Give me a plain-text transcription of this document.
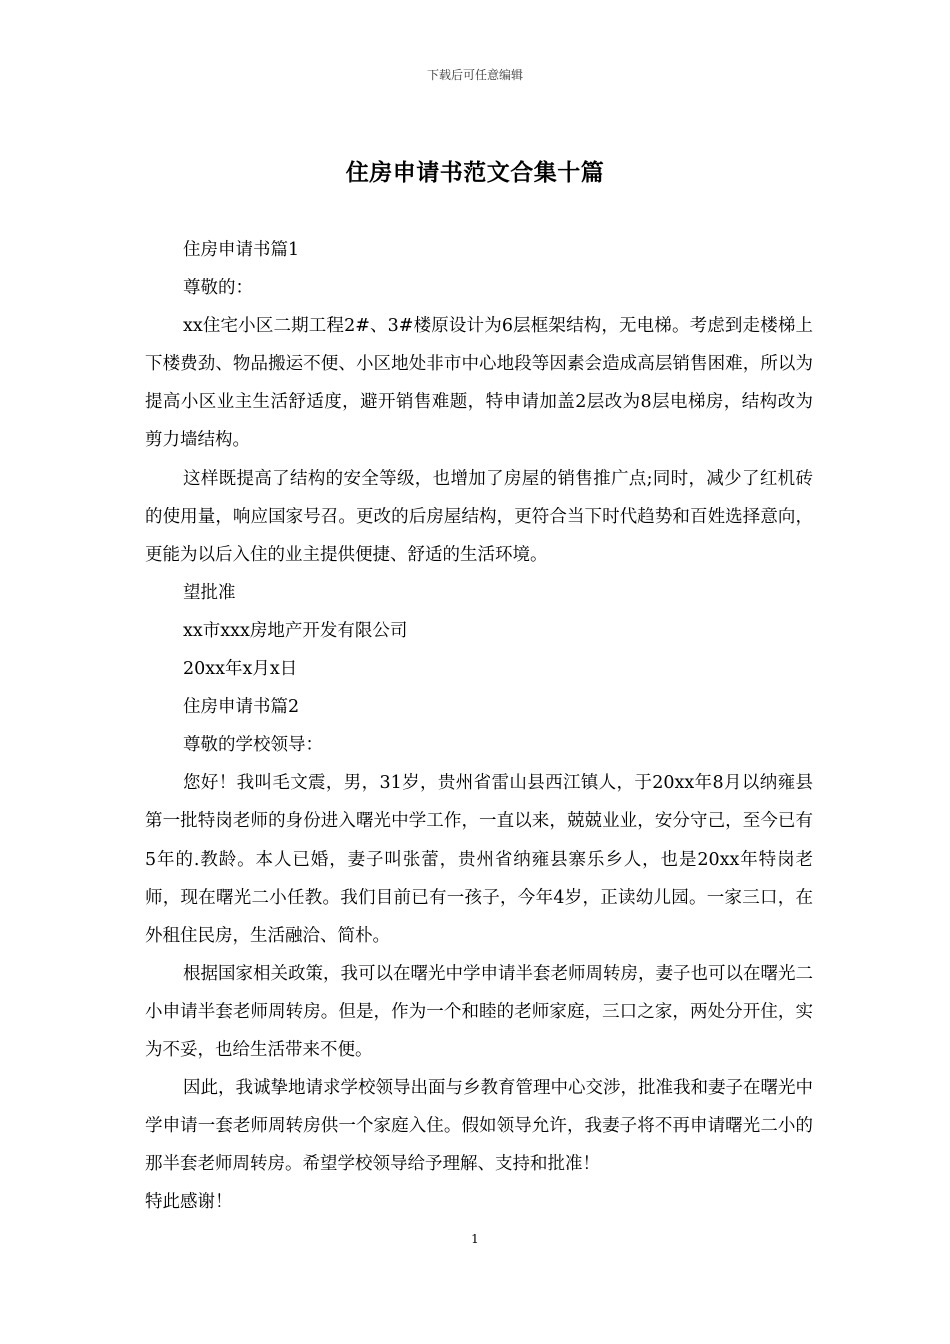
下载后可任意编辑
住房申请书范文合集十篇

住房申请书篇1

尊敬的：

xx住宅小区二期工程2#、3#楼原设计为6层框架结构，无电梯。考虑到走楼梯上下楼费劲、物品搬运不便、小区地处非市中心地段等因素会造成高层销售困难，所以为提高小区业主生活舒适度，避开销售难题，特申请加盖2层改为8层电梯房，结构改为剪力墙结构。

这样既提高了结构的安全等级，也增加了房屋的销售推广点;同时，减少了红机砖的使用量，响应国家号召。更改的后房屋结构，更符合当下时代趋势和百姓选择意向，更能为以后入住的业主提供便捷、舒适的生活环境。

望批准

xx市xxx房地产开发有限公司

20xx年x月x日

住房申请书篇2

尊敬的学校领导：

您好！我叫毛文震，男，31岁，贵州省雷山县西江镇人，于20xx年8月以纳雍县第一批特岗老师的身份进入曙光中学工作，一直以来，兢兢业业，安分守己，至今已有5年的.教龄。本人已婚，妻子叫张蕾，贵州省纳雍县寨乐乡人，也是20xx年特岗老师，现在曙光二小任教。我们目前已有一孩子，今年4岁，正读幼儿园。一家三口，在外租住民房，生活融洽、简朴。

根据国家相关政策，我可以在曙光中学申请半套老师周转房，妻子也可以在曙光二小申请半套老师周转房。但是，作为一个和睦的老师家庭，三口之家，两处分开住，实为不妥，也给生活带来不便。

因此，我诚挚地请求学校领导出面与乡教育管理中心交涉，批准我和妻子在曙光中学申请一套老师周转房供一个家庭入住。假如领导允许，我妻子将不再申请曙光二小的那半套老师周转房。希望学校领导给予理解、支持和批准！

特此感谢！

1
